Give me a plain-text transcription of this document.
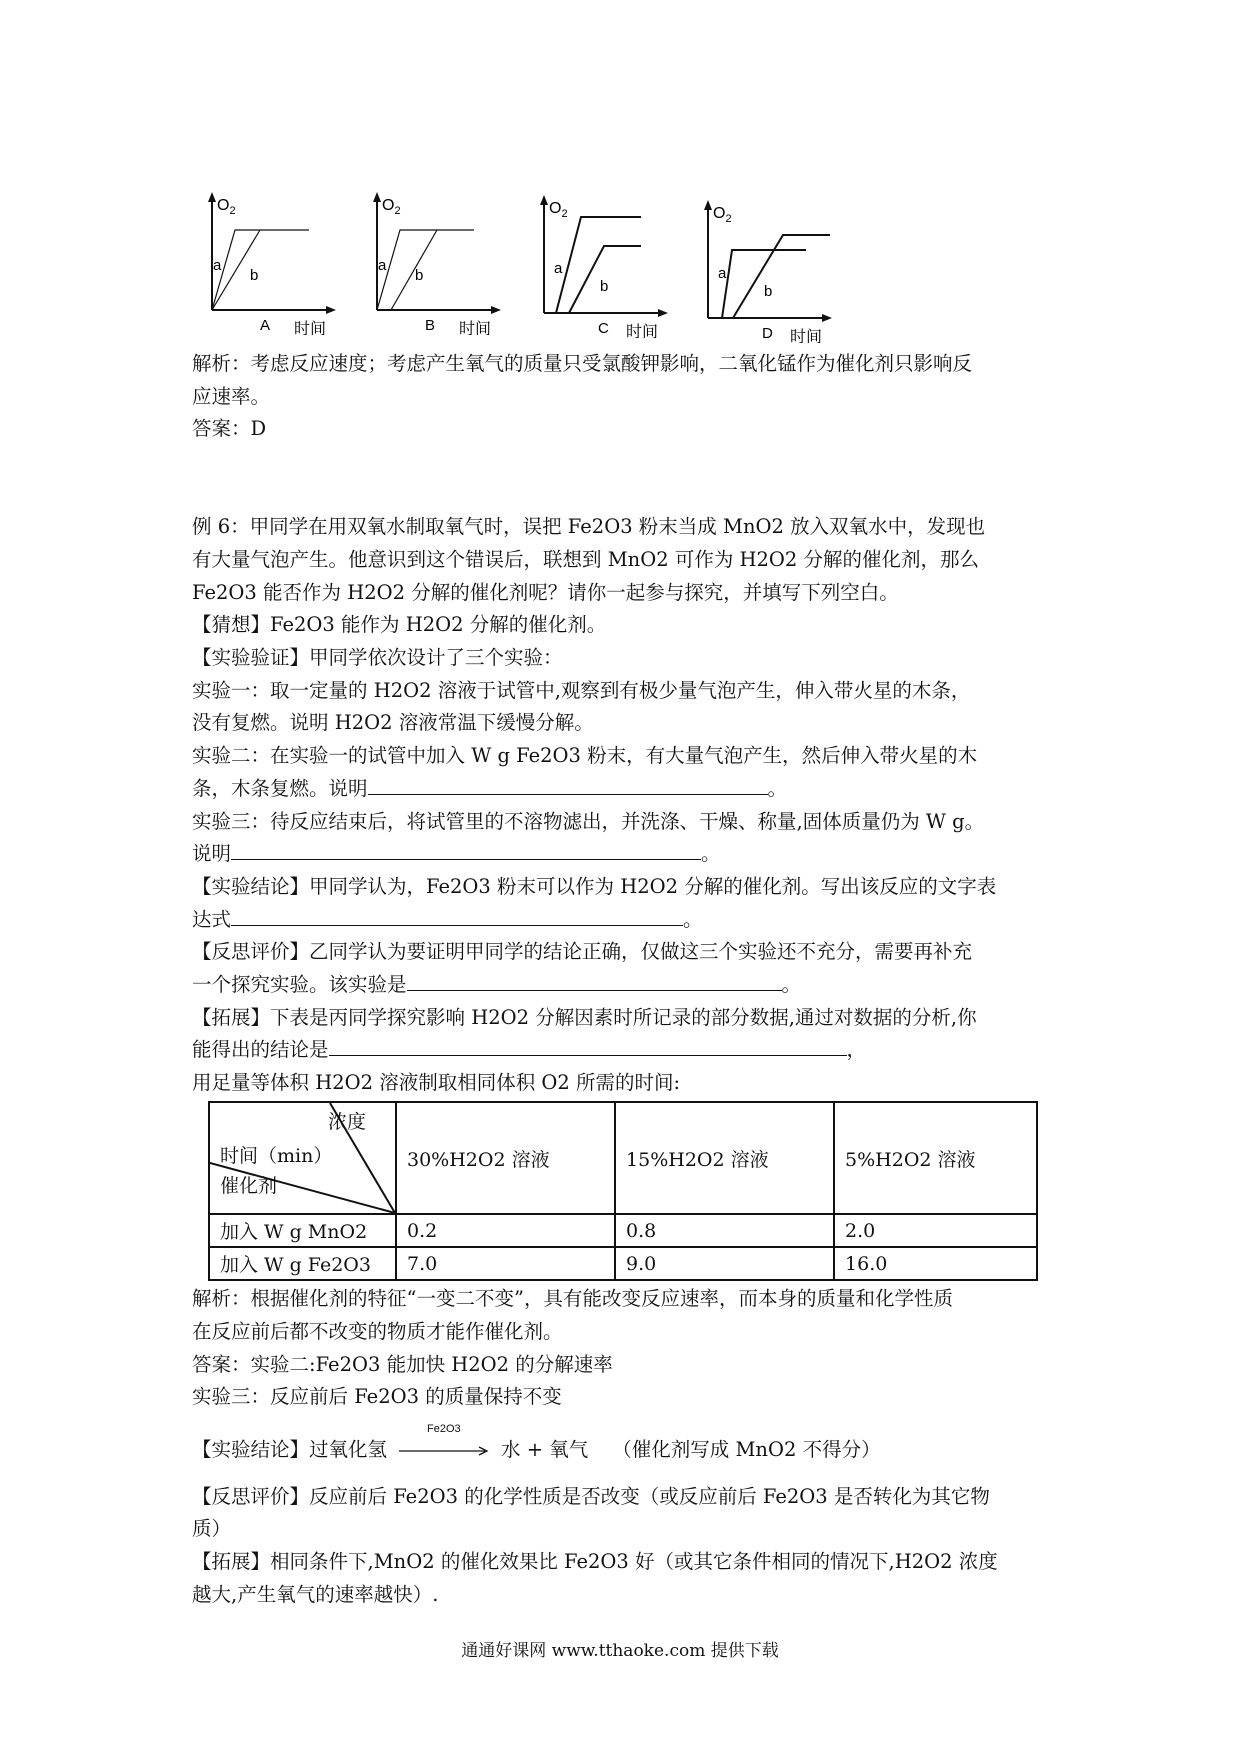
$O_2$
a
b
A 时间
$O_2$
a
b
B 时间
$O_2$
a
b
C 时间
$O_2$
a
b
D 时间
解析：考虑反应速度；考虑产生氧气的质量只受氯酸钾影响，二氧化锰作为催化剂只影响反
应速率。
答案：D
例 6：甲同学在用双氧水制取氧气时，误把 Fe2O3 粉末当成 MnO2 放入双氧水中，发现也
有大量气泡产生。他意识到这个错误后，联想到 MnO2 可作为 H2O2 分解的催化剂，那么
Fe2O3 能否作为 H2O2 分解的催化剂呢？请你一起参与探究，并填写下列空白。
【猜想】Fe2O3 能作为 H2O2 分解的催化剂。
【实验验证】甲同学依次设计了三个实验：
实验一：取一定量的 H2O2 溶液于试管中,观察到有极少量气泡产生，伸入带火星的木条，
没有复燃。说明 H2O2 溶液常温下缓慢分解。
实验二：在实验一的试管中加入 W g Fe2O3 粉末，有大量气泡产生，然后伸入带火星的木
条，木条复燃。说明	。
实验三：待反应结束后，将试管里的不溶物滤出，并洗涤、干燥、称量,固体质量仍为 W g。
说明	。
【实验结论】甲同学认为，Fe2O3 粉末可以作为 H2O2 分解的催化剂。写出该反应的文字表
达式	。
【反思评价】乙同学认为要证明甲同学的结论正确，仅做这三个实验还不充分，需要再补充
一个探究实验。该实验是	。
【拓展】下表是丙同学探究影响 H2O2 分解因素时所记录的部分数据,通过对数据的分析,你
能得出的结论是	，
用足量等体积 H2O2 溶液制取相同体积 O2 所需的时间:
浓度
时间（min）
催化剂	30%H2O2 溶液	15%H2O2 溶液	5%H2O2 溶液
加入 W g MnO2	0.2	0.8	2.0
加入 W g Fe2O3	7.0	9.0	16.0
解析：根据催化剂的特征“一变二不变”，具有能改变反应速率，而本身的质量和化学性质
在反应前后都不改变的物质才能作催化剂。
答案：实验二:Fe2O3 能加快 H2O2 的分解速率
实验三：反应前后 Fe2O3 的质量保持不变
【实验结论】过氧化氢
Fe2O3
水 + 氧气 （催化剂写成 MnO2 不得分）
【反思评价】反应前后 Fe2O3 的化学性质是否改变（或反应前后 Fe2O3 是否转化为其它物
质）
【拓展】相同条件下,MnO2 的催化效果比 Fe2O3 好（或其它条件相同的情况下,H2O2 浓度
越大,产生氧气的速率越快）.
通通好课网 www.tthaoke.com 提供下载
